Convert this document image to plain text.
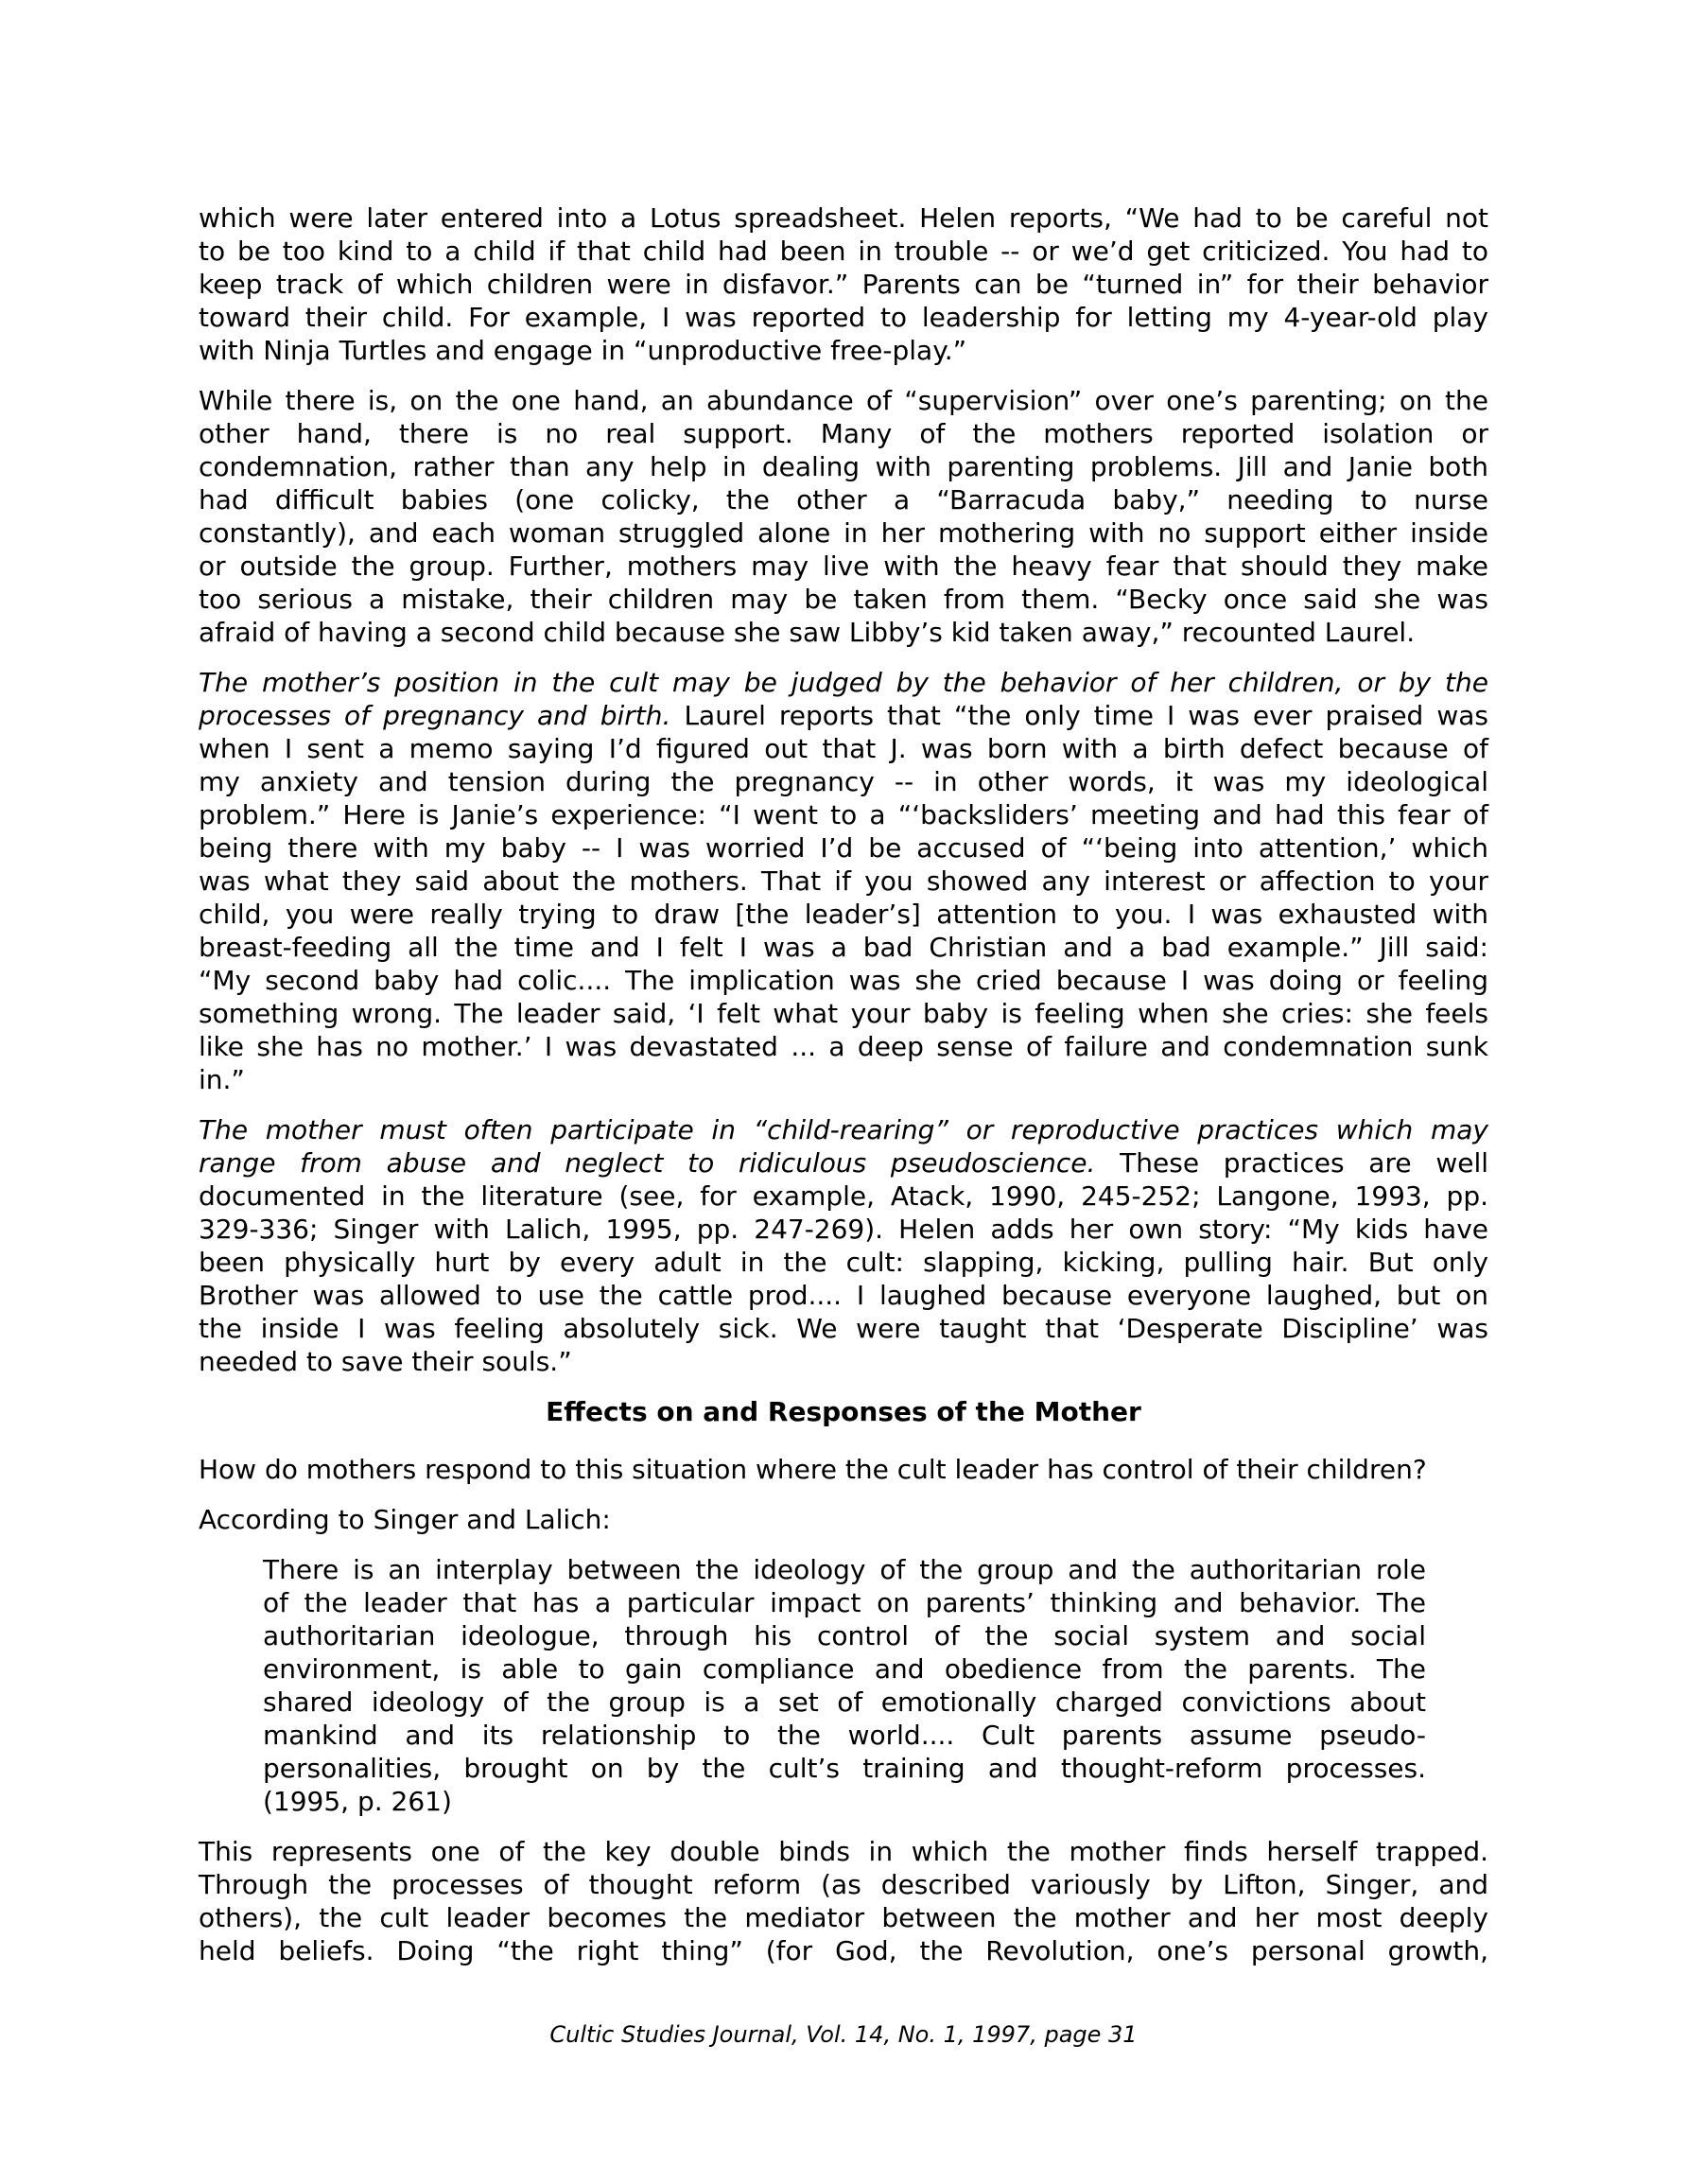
which were later entered into a Lotus spreadsheet. Helen reports, “We had to be careful not
to be too kind to a child if that child had been in trouble -- or we’d get criticized. You had to
keep track of which children were in disfavor.” Parents can be “turned in” for their behavior
toward their child. For example, I was reported to leadership for letting my 4-year-old play
with Ninja Turtles and engage in “unproductive free-play.”
While there is, on the one hand, an abundance of “supervision” over one’s parenting; on the
other hand, there is no real support. Many of the mothers reported isolation or
condemnation, rather than any help in dealing with parenting problems. Jill and Janie both
had difficult babies (one colicky, the other a “Barracuda baby,” needing to nurse
constantly), and each woman struggled alone in her mothering with no support either inside
or outside the group. Further, mothers may live with the heavy fear that should they make
too serious a mistake, their children may be taken from them. “Becky once said she was
afraid of having a second child because she saw Libby’s kid taken away,” recounted Laurel.
The mother’s position in the cult may be judged by the behavior of her children, or by the
processes of pregnancy and birth. Laurel reports that “the only time I was ever praised was
when I sent a memo saying I’d figured out that J. was born with a birth defect because of
my anxiety and tension during the pregnancy -- in other words, it was my ideological
problem.” Here is Janie’s experience: “I went to a “‘backsliders’ meeting and had this fear of
being there with my baby -- I was worried I’d be accused of “‘being into attention,’ which
was what they said about the mothers. That if you showed any interest or affection to your
child, you were really trying to draw [the leader’s] attention to you. I was exhausted with
breast-feeding all the time and I felt I was a bad Christian and a bad example.” Jill said:
“My second baby had colic.... The implication was she cried because I was doing or feeling
something wrong. The leader said, ‘I felt what your baby is feeling when she cries: she feels
like she has no mother.’ I was devastated ... a deep sense of failure and condemnation sunk
in.”
The mother must often participate in “child-rearing” or reproductive practices which may
range from abuse and neglect to ridiculous pseudoscience. These practices are well
documented in the literature (see, for example, Atack, 1990, 245-252; Langone, 1993, pp.
329-336; Singer with Lalich, 1995, pp. 247-269). Helen adds her own story: “My kids have
been physically hurt by every adult in the cult: slapping, kicking, pulling hair. But only
Brother was allowed to use the cattle prod.... I laughed because everyone laughed, but on
the inside I was feeling absolutely sick. We were taught that ‘Desperate Discipline’ was
needed to save their souls.”
Effects on and Responses of the Mother
How do mothers respond to this situation where the cult leader has control of their children?
According to Singer and Lalich:
There is an interplay between the ideology of the group and the authoritarian role
of the leader that has a particular impact on parents’ thinking and behavior. The
authoritarian ideologue, through his control of the social system and social
environment, is able to gain compliance and obedience from the parents. The
shared ideology of the group is a set of emotionally charged convictions about
mankind and its relationship to the world.... Cult parents assume pseudo-
personalities, brought on by the cult’s training and thought-reform processes.
(1995, p. 261)
This represents one of the key double binds in which the mother finds herself trapped.
Through the processes of thought reform (as described variously by Lifton, Singer, and
others), the cult leader becomes the mediator between the mother and her most deeply
held beliefs. Doing “the right thing” (for God, the Revolution, one’s personal growth,
Cultic Studies Journal, Vol. 14, No. 1, 1997, page 31
